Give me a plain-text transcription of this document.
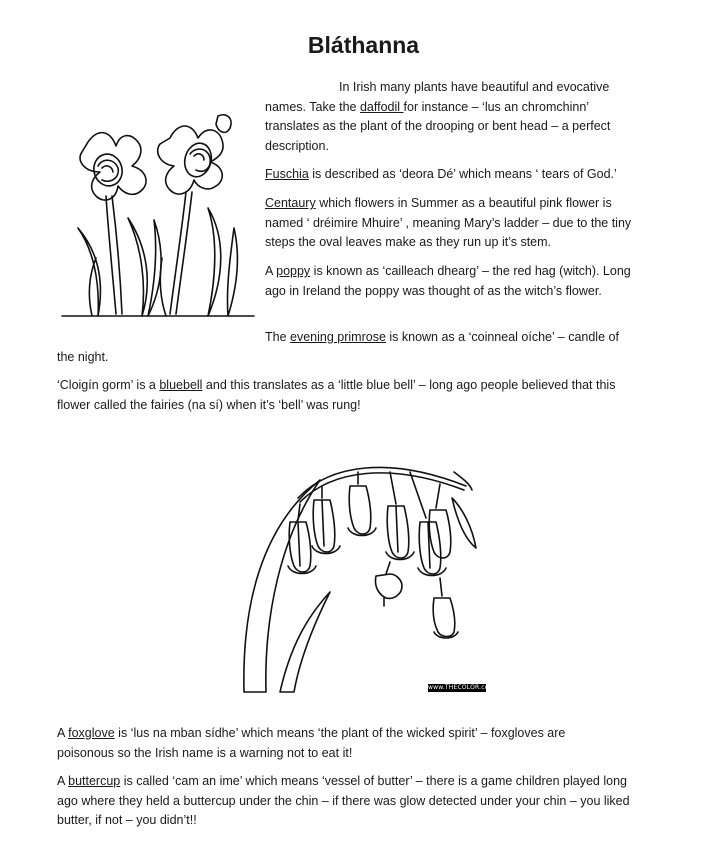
Bláthanna

In Irish many plants have beautiful and evocative names. Take the daffodil for instance – ‘lus an chromchinn’ translates as the plant of the drooping or bent head – a perfect description.

Fuschia is described as ‘deora Dé’ which means ‘ tears of God.’

Centaury which flowers in Summer as a beautiful pink flower is named ‘ dréimire Mhuire’ , meaning Mary’s ladder – due to the tiny steps the oval leaves make as they run up it’s stem.

A poppy is known as ‘cailleach dhearg’ – the red hag (witch). Long ago in Ireland the poppy was thought of as the witch’s flower.

The evening primrose is known as a ‘coinneal oíche’ – candle of

the night.

‘Cloigín gorm’ is a bluebell and this translates as a ‘little blue bell’ – long ago people believed that this flower called the fairies (na sí) when it’s ‘bell’ was rung!

www.THECOLOR.com

A foxglove is ‘lus na mban sídhe’ which means ‘the plant of the wicked spirit’ – foxgloves are poisonous so the Irish name is a warning not to eat it!

A buttercup is called ‘cam an ime’ which means ‘vessel of butter’ – there is a game children played long ago where they held a buttercup under the chin – if there was glow detected under your chin – you liked butter, if not – you didn’t!!
